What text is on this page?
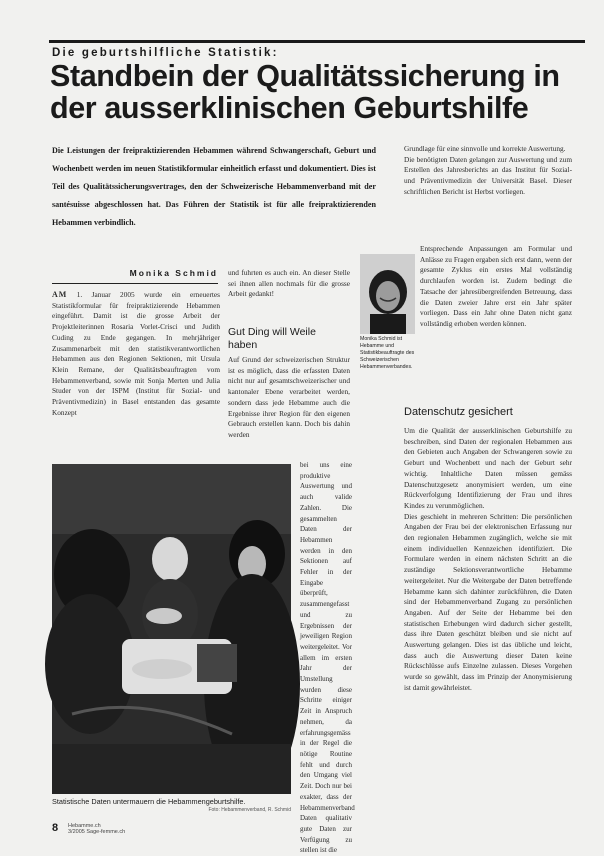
Die geburtshilfliche Statistik:
Standbein der Qualitätssicherung in der ausserklinischen Geburtshilfe
Die Leistungen der freipraktizierenden Hebammen während Schwangerschaft, Geburt und Wochenbett werden im neuen Statistikformular einheitlich erfasst und dokumentiert. Dies ist Teil des Qualitätssicherungsvertrages, den der Schweizerische Hebammenverband mit der santésuisse abgeschlossen hat. Das Führen der Statistik ist für alle freipraktizierenden Hebammen verbindlich.
Monika Schmid
AM 1. Januar 2005 wurde ein erneuertes Statistikformular für freipraktizierende Hebammen eingeführt. Damit ist die grosse Arbeit der Projektleiterinnen Rosaria Vorlet-Crisci und Judith Cuding zu Ende gegangen. In mehrjähriger Zusammenarbeit mit den statistikverantwortlichen Hebammen aus den Regionen Sektionen, mit Ursula Klein Remane, der Qualitätsbeauftragten vom Hebammenverband, sowie mit Sonja Merten und Julia Studer von der ISPM (Institut für Sozial- und Präventivmedizin) in Basel entstanden das gesamte Konzept
und fuhrten es auch ein. An dieser Stelle sei ihnen allen nochmals für die grosse Arbeit gedankt!
Gut Ding will Weile haben
Auf Grund der schweizerischen Struktur ist es möglich, dass die erfassten Daten nicht nur auf gesamtschweizerischer und kantonaler Ebene verarbeitet werden, sondern dass jede Hebamme auch die Ergebnisse ihrer Region für den eigenen Gebrauch erstellen kann. Doch bis dahin werden
bei uns eine produktive Auswertung und auch valide Zahlen. Die gesammelten Daten der Hebammen werden in den Sektionen auf Fehler in der Eingabe überprüft, zusammengefasst und zu Ergebnissen der jeweiligen Region weitergeleitet. Vor allem im ersten Jahr der Umstellung wurden diese Schritte einiger Zeit in Anspruch nehmen, da erfahrungsgemäss in der Regel die nötige Routine fehlt und durch den Umgang viel Zeit. Doch nur bei exakter, dass der Hebammenverband Daten qualitativ gute Daten zur Verfügung zu stellen ist die
Grundlage für eine sinnvolle und korrekte Auswertung.
Die benötigten Daten gelangen zur Auswertung und zum Erstellen des Jahresberichts an das Institut für Sozial- und Präventivmedizin der Universität Basel. Dieser schriftlichen Bericht ist Herbst vorliegen.
Entsprechende Anpassungen am Formular und Anlässe zu Fragen ergaben sich erst dann, wenn der gesamte Zyklus ein erstes Mal vollständig durchlaufen worden ist. Zudem bedingt die Tatsache der jahresübergreifenden Betreuung, dass die Daten zweier Jahre erst ein Jahr später vorliegen. Dass ein Jahr ohne Daten nicht ganz vollständig erhoben werden können.
Datenschutz gesichert
Um die Qualität der ausserklinischen Geburtshilfe zu beschreiben, sind Daten der regionalen Hebammen aus den Gebieten auch Angaben der Schwangeren sowie zu Geburt und Wochenbett und nach der Geburt sehr wichtig. Inhaltliche Daten müssen gemäss Datenschutzgesetz anonymisiert werden, um eine Rückverfolgung Identifizierung der Frau und ihres Kindes zu verunmöglichen.
Dies geschieht in mehreren Schritten: Die persönlichen Angaben der Frau bei der elektronischen Erfassung nur den regionalen Hebammen zugänglich, welche sie mit einem individuellen Kennzeichen identifiziert. Die Formulare werden in einem nächsten Schritt an die zuständige Sektionsverantwortliche Hebamme weitergeleitet. Nur die Weitergabe der Daten betreffende Hebamme kann sich dahinter zurückführen, die Daten sind der Hebammenverband Zugang zu persönlichen Angaben. Auf der Seite der Hebamme bei den statistischen Erhebungen wird dadurch sicher gestellt, dass ihre Daten geschützt bleiben und sie nicht auf Auswertung gelangen. Dies ist das übliche und leicht, dass auch die Auswertung dieser Daten keine Rückschlüsse aufs Einzelne zulassen. Dieses Vorgehen wurde so gewählt, dass im Prinzip der Anonymisierung ist damit gewährleistet.
Monika Schmid ist Hebamme und Statistikbeauftragte des Schweizerischen Hebammenverbandes.
Statistische Daten untermauern die Hebammengeburtshilfe.
Foto: Hebammenverband, R. Schmid
8 Hebamme.ch
3/2005 Sage-femme.ch
